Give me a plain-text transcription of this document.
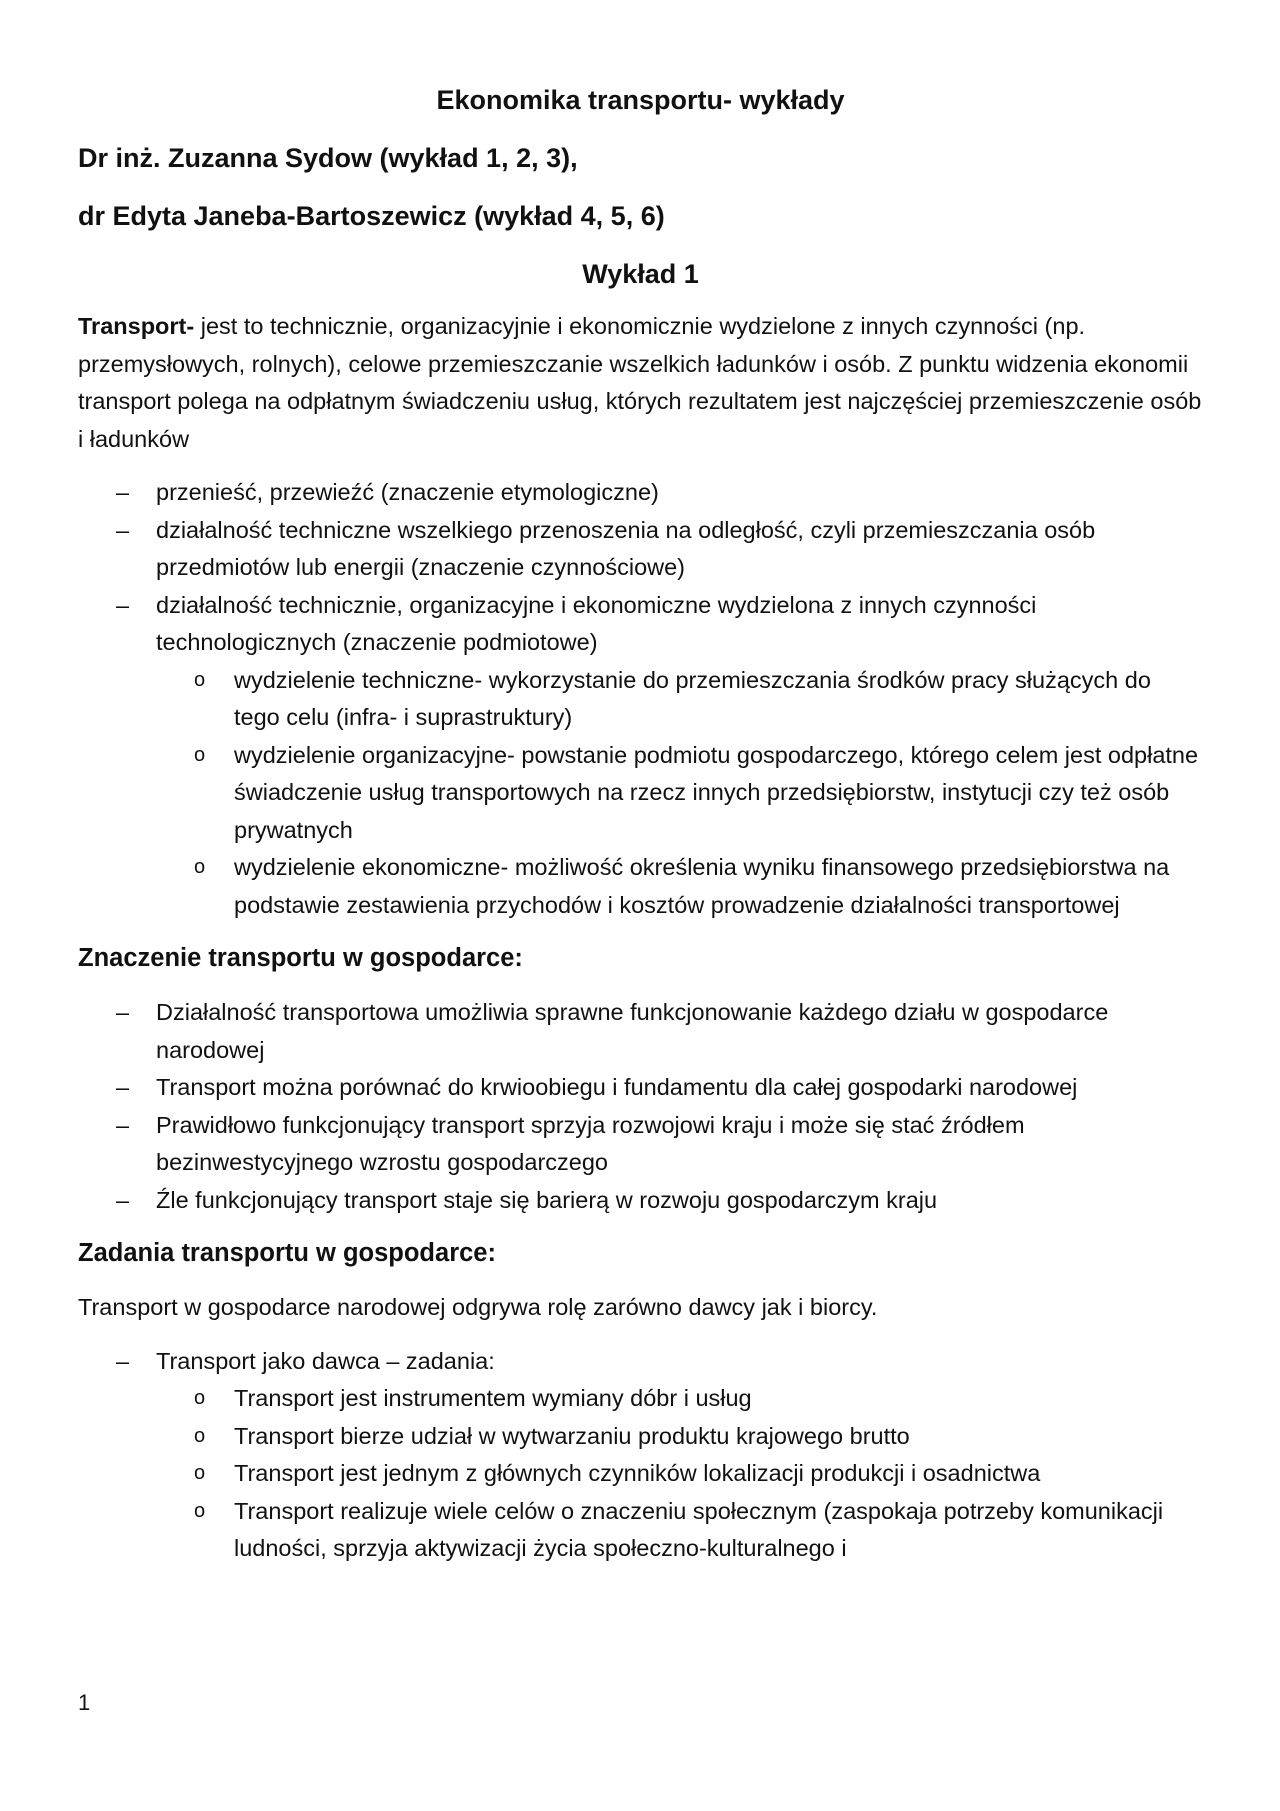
Ekonomika transportu- wykłady
Dr inż. Zuzanna Sydow (wykład 1, 2, 3),
dr Edyta Janeba-Bartoszewicz (wykład 4, 5, 6)
Wykład 1

Transport- jest to technicznie, organizacyjnie i ekonomicznie wydzielone z innych czynności (np. przemysłowych, rolnych), celowe przemieszczanie wszelkich ładunków i osób. Z punktu widzenia ekonomii transport polega na odpłatnym świadczeniu usług, których rezultatem jest najczęściej przemieszczenie osób i ładunków

– przenieść, przewieźć (znaczenie etymologiczne)
– działalność techniczne wszelkiego przenoszenia na odległość, czyli przemieszczania osób przedmiotów lub energii (znaczenie czynnościowe)
– działalność technicznie, organizacyjne i ekonomiczne wydzielona z innych czynności technologicznych (znaczenie podmiotowe)
o wydzielenie techniczne- wykorzystanie do przemieszczania środków pracy służących do tego celu (infra- i suprastruktury)
o wydzielenie organizacyjne- powstanie podmiotu gospodarczego, którego celem jest odpłatne świadczenie usług transportowych na rzecz innych przedsiębiorstw, instytucji czy też osób prywatnych
o wydzielenie ekonomiczne- możliwość określenia wyniku finansowego przedsiębiorstwa na podstawie zestawienia przychodów i kosztów prowadzenie działalności transportowej
Znaczenie transportu w gospodarce:
– Działalność transportowa umożliwia sprawne funkcjonowanie każdego działu w gospodarce narodowej
– Transport można porównać do krwioobiegu i fundamentu dla całej gospodarki narodowej
– Prawidłowo funkcjonujący transport sprzyja rozwojowi kraju i może się stać źródłem bezinwestycyjnego wzrostu gospodarczego
– Źle funkcjonujący transport staje się barierą w rozwoju gospodarczym kraju
Zadania transportu w gospodarce:

Transport w gospodarce narodowej odgrywa rolę zarówno dawcy jak i biorcy.

– Transport jako dawca – zadania:
o Transport jest instrumentem wymiany dóbr i usług
o Transport bierze udział w wytwarzaniu produktu krajowego brutto
o Transport jest jednym z głównych czynników lokalizacji produkcji i osadnictwa
o Transport realizuje wiele celów o znaczeniu społecznym (zaspokaja potrzeby komunikacji ludności, sprzyja aktywizacji życia społeczno-kulturalnego i
1
